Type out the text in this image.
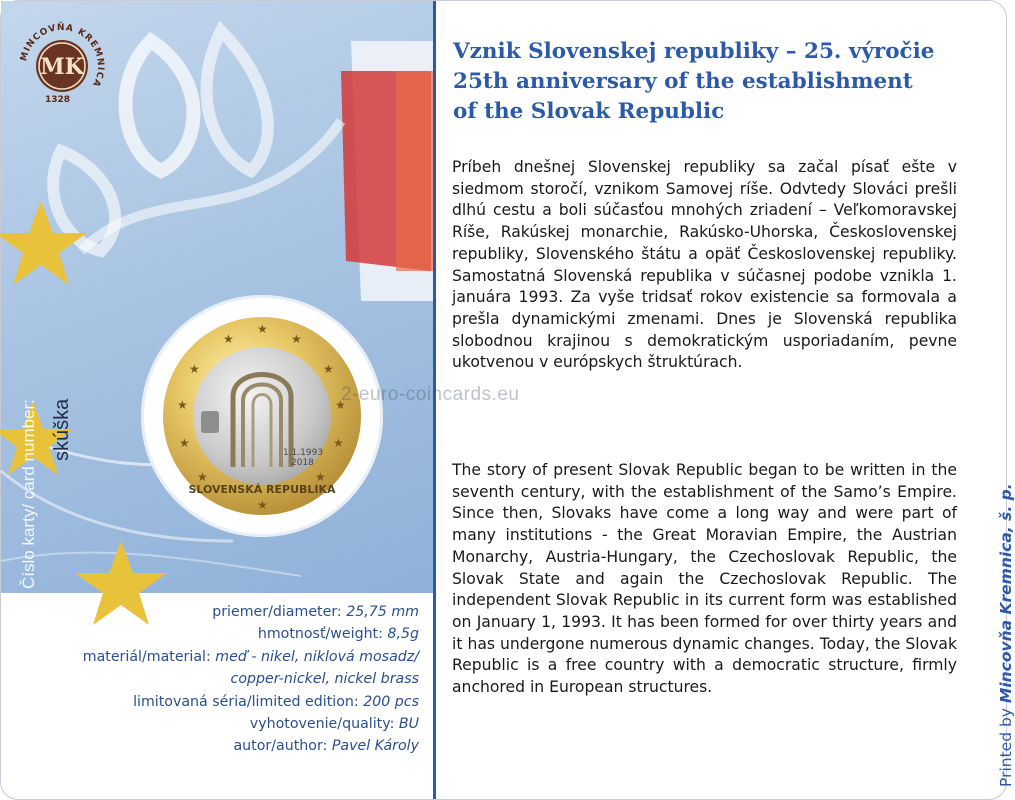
MINCOVŇA KREMNICA
MK
1328
Číslo karty/ card number: skúška
★
★
★
★
★
★
★
★
★	★
★
★
1.1.1993
2018
SLOVENSKÁ REPUBLIKA
priemer/diameter: 25,75 mm
hmotnosť/weight: 8,5g
materiál/material: meď - nikel, niklová mosadz/
copper-nickel, nickel brass
limitovaná séria/limited edition: 200 pcs
vyhotovenie/quality: BU
autor/author: Pavel Károly
Vznik Slovenskej republiky – 25. výročie
25th anniversary of the establishment
of the Slovak Republic
Príbeh dnešnej Slovenskej republiky sa začal písať ešte v siedmom storočí, vznikom Samovej ríše. Odvtedy Slováci prešli dlhú cestu a boli súčasťou mnohých zriadení – Veľkomoravskej Ríše, Rakúskej monarchie, Rakúsko-Uhorska, Československej republiky, Slovenského štátu a opäť Československej republiky. Samostatná Slovenská republika v súčasnej podobe vznikla 1. januára 1993. Za vyše tridsať rokov existencie sa formovala a prešla dynamickými zmenami. Dnes je Slovenská republika slobodnou krajinou s demokratickým usporiadaním, pevne ukotvenou v európskych štruktúrach.
The story of present Slovak Republic began to be written in the seventh century, with the establishment of the Samo’s Empire. Since then, Slovaks have come a long way and were part of many institutions - the Great Moravian Empire, the Austrian Monarchy, Austria-Hungary, the Czechoslovak Republic, the Slovak State and again the Czechoslovak Republic. The independent Slovak Republic in its current form was established on January 1, 1993. It has been formed for over thirty years and it has undergone numerous dynamic changes. Today, the Slovak Republic is a free country with a democratic structure, firmly anchored in European structures.
2-euro-coincards.eu
Printed by Mincovňa Kremnica, š. p.
